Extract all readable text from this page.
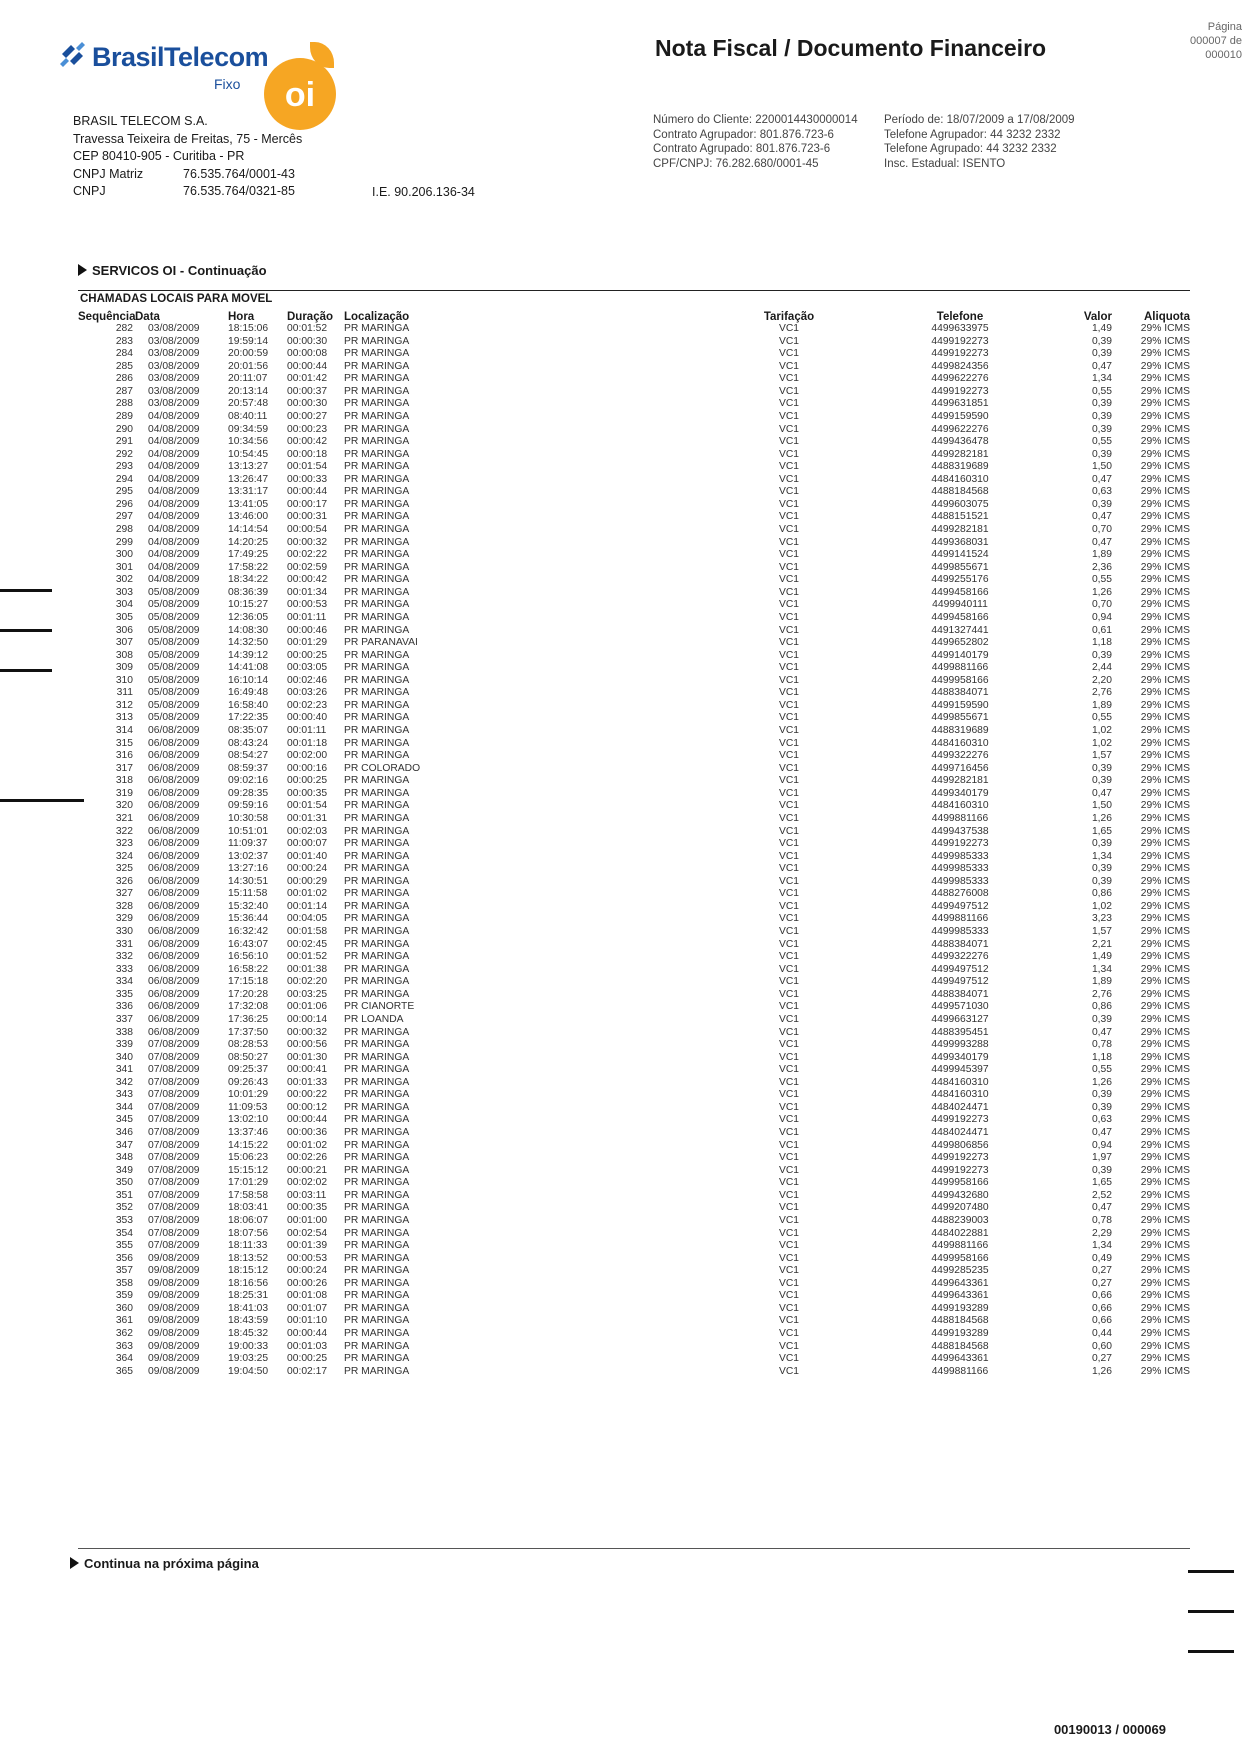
BrasilTelecom
Fixo	oi
Nota Fiscal / Documento Financeiro
Página 000007 de 000010
BRASIL TELECOM S.A.
Travessa Teixeira de Freitas, 75 - Mercês
CEP 80410-905 - Curitiba - PR
CNPJ Matriz	76.535.764/0001-43
CNPJ	76.535.764/0321-85	I.E. 90.206.136-34
Número do Cliente: 2200014430000014
Contrato Agrupador: 801.876.723-6
Contrato Agrupado: 801.876.723-6
CPF/CNPJ: 76.282.680/0001-45
Período de: 18/07/2009 a 17/08/2009
Telefone Agrupador: 44 3232 2332
Telefone Agrupado: 44 3232 2332
Insc. Estadual: ISENTO
SERVICOS OI - Continuação
CHAMADAS LOCAIS PARA MOVEL
Sequência Data	Hora	Duração Localização	Tarifação	Telefone	Valor	Aliquota
282 03/08/2009	18:15:06 00:01:52 PR MARINGA	VC1	4499633975	1,49	29% ICMS
283 03/08/2009	19:59:14 00:00:30 PR MARINGA	VC1	4499192273	0,39	29% ICMS
284 03/08/2009	20:00:59 00:00:08 PR MARINGA	VC1	4499192273	0,39	29% ICMS
285 03/08/2009	20:01:56 00:00:44 PR MARINGA	VC1	4499824356	0,47	29% ICMS
286 03/08/2009	20:11:07 00:01:42 PR MARINGA	VC1	4499622276	1,34	29% ICMS
287 03/08/2009	20:13:14 00:00:37 PR MARINGA	VC1	4499192273	0,55	29% ICMS
288 03/08/2009	20:57:48 00:00:30 PR MARINGA	VC1	4499631851	0,39	29% ICMS
289 04/08/2009	08:40:11 00:00:27 PR MARINGA	VC1	4499159590	0,39	29% ICMS
290 04/08/2009	09:34:59 00:00:23 PR MARINGA	VC1	4499622276	0,39	29% ICMS
291 04/08/2009	10:34:56 00:00:42 PR MARINGA	VC1	4499436478	0,55	29% ICMS
292 04/08/2009	10:54:45 00:00:18 PR MARINGA	VC1	4499282181	0,39	29% ICMS
293 04/08/2009	13:13:27 00:01:54 PR MARINGA	VC1	4488319689	1,50	29% ICMS
294 04/08/2009	13:26:47 00:00:33 PR MARINGA	VC1	4484160310	0,47	29% ICMS
295 04/08/2009	13:31:17 00:00:44 PR MARINGA	VC1	4488184568	0,63	29% ICMS
296 04/08/2009	13:41:05 00:00:17 PR MARINGA	VC1	4499603075	0,39	29% ICMS
297 04/08/2009	13:46:00 00:00:31 PR MARINGA	VC1	4488151521	0,47	29% ICMS
298 04/08/2009	14:14:54 00:00:54 PR MARINGA	VC1	4499282181	0,70	29% ICMS
299 04/08/2009	14:20:25 00:00:32 PR MARINGA	VC1	4499368031	0,47	29% ICMS
300 04/08/2009	17:49:25 00:02:22 PR MARINGA	VC1	4499141524	1,89	29% ICMS
301 04/08/2009	17:58:22 00:02:59 PR MARINGA	VC1	4499855671	2,36	29% ICMS
302 04/08/2009	18:34:22 00:00:42 PR MARINGA	VC1	4499255176	0,55	29% ICMS
303 05/08/2009	08:36:39 00:01:34 PR MARINGA	VC1	4499458166	1,26	29% ICMS
304 05/08/2009	10:15:27 00:00:53 PR MARINGA	VC1	4499940111	0,70	29% ICMS
305 05/08/2009	12:36:05 00:01:11 PR MARINGA	VC1	4499458166	0,94	29% ICMS
306 05/08/2009	14:08:30 00:00:46 PR MARINGA	VC1	4491327441	0,61	29% ICMS
307 05/08/2009	14:32:50 00:01:29 PR PARANAVAI	VC1	4499652802	1,18	29% ICMS
308 05/08/2009	14:39:12 00:00:25 PR MARINGA	VC1	4499140179	0,39	29% ICMS
309 05/08/2009	14:41:08 00:03:05 PR MARINGA	VC1	4499881166	2,44	29% ICMS
310 05/08/2009	16:10:14 00:02:46 PR MARINGA	VC1	4499958166	2,20	29% ICMS
311 05/08/2009	16:49:48 00:03:26 PR MARINGA	VC1	4488384071	2,76	29% ICMS
312 05/08/2009	16:58:40 00:02:23 PR MARINGA	VC1	4499159590	1,89	29% ICMS
313 05/08/2009	17:22:35 00:00:40 PR MARINGA	VC1	4499855671	0,55	29% ICMS
314 06/08/2009	08:35:07 00:01:11 PR MARINGA	VC1	4488319689	1,02	29% ICMS
315 06/08/2009	08:43:24 00:01:18 PR MARINGA	VC1	4484160310	1,02	29% ICMS
316 06/08/2009	08:54:27 00:02:00 PR MARINGA	VC1	4499322276	1,57	29% ICMS
317 06/08/2009	08:59:37 00:00:16 PR COLORADO	VC1	4499716456	0,39	29% ICMS
318 06/08/2009	09:02:16 00:00:25 PR MARINGA	VC1	4499282181	0,39	29% ICMS
319 06/08/2009	09:28:35 00:00:35 PR MARINGA	VC1	4499340179	0,47	29% ICMS
320 06/08/2009	09:59:16 00:01:54 PR MARINGA	VC1	4484160310	1,50	29% ICMS
321 06/08/2009	10:30:58 00:01:31 PR MARINGA	VC1	4499881166	1,26	29% ICMS
322 06/08/2009	10:51:01 00:02:03 PR MARINGA	VC1	4499437538	1,65	29% ICMS
323 06/08/2009	11:09:37 00:00:07 PR MARINGA	VC1	4499192273	0,39	29% ICMS
324 06/08/2009	13:02:37 00:01:40 PR MARINGA	VC1	4499985333	1,34	29% ICMS
325 06/08/2009	13:27:16 00:00:24 PR MARINGA	VC1	4499985333	0,39	29% ICMS
326 06/08/2009	14:30:51 00:00:29 PR MARINGA	VC1	4499985333	0,39	29% ICMS
327 06/08/2009	15:11:58 00:01:02 PR MARINGA	VC1	4488276008	0,86	29% ICMS
328 06/08/2009	15:32:40 00:01:14 PR MARINGA	VC1	4499497512	1,02	29% ICMS
329 06/08/2009	15:36:44 00:04:05 PR MARINGA	VC1	4499881166	3,23	29% ICMS
330 06/08/2009	16:32:42 00:01:58 PR MARINGA	VC1	4499985333	1,57	29% ICMS
331 06/08/2009	16:43:07 00:02:45 PR MARINGA	VC1	4488384071	2,21	29% ICMS
332 06/08/2009	16:56:10 00:01:52 PR MARINGA	VC1	4499322276	1,49	29% ICMS
333 06/08/2009	16:58:22 00:01:38 PR MARINGA	VC1	4499497512	1,34	29% ICMS
334 06/08/2009	17:15:18 00:02:20 PR MARINGA	VC1	4499497512	1,89	29% ICMS
335 06/08/2009	17:20:28 00:03:25 PR MARINGA	VC1	4488384071	2,76	29% ICMS
336 06/08/2009	17:32:08 00:01:06 PR CIANORTE	VC1	4499571030	0,86	29% ICMS
337 06/08/2009	17:36:25 00:00:14 PR LOANDA	VC1	4499663127	0,39	29% ICMS
338 06/08/2009	17:37:50 00:00:32 PR MARINGA	VC1	4488395451	0,47	29% ICMS
339 07/08/2009	08:28:53 00:00:56 PR MARINGA	VC1	4499993288	0,78	29% ICMS
340 07/08/2009	08:50:27 00:01:30 PR MARINGA	VC1	4499340179	1,18	29% ICMS
341 07/08/2009	09:25:37 00:00:41 PR MARINGA	VC1	4499945397	0,55	29% ICMS
342 07/08/2009	09:26:43 00:01:33 PR MARINGA	VC1	4484160310	1,26	29% ICMS
343 07/08/2009	10:01:29 00:00:22 PR MARINGA	VC1	4484160310	0,39	29% ICMS
344 07/08/2009	11:09:53 00:00:12 PR MARINGA	VC1	4484024471	0,39	29% ICMS
345 07/08/2009	13:02:10 00:00:44 PR MARINGA	VC1	4499192273	0,63	29% ICMS
346 07/08/2009	13:37:46 00:00:36 PR MARINGA	VC1	4484024471	0,47	29% ICMS
347 07/08/2009	14:15:22 00:01:02 PR MARINGA	VC1	4499806856	0,94	29% ICMS
348 07/08/2009	15:06:23 00:02:26 PR MARINGA	VC1	4499192273	1,97	29% ICMS
349 07/08/2009	15:15:12 00:00:21 PR MARINGA	VC1	4499192273	0,39	29% ICMS
350 07/08/2009	17:01:29 00:02:02 PR MARINGA	VC1	4499958166	1,65	29% ICMS
351 07/08/2009	17:58:58 00:03:11 PR MARINGA	VC1	4499432680	2,52	29% ICMS
352 07/08/2009	18:03:41 00:00:35 PR MARINGA	VC1	4499207480	0,47	29% ICMS
353 07/08/2009	18:06:07 00:01:00 PR MARINGA	VC1	4488239003	0,78	29% ICMS
354 07/08/2009	18:07:56 00:02:54 PR MARINGA	VC1	4484022881	2,29	29% ICMS
355 07/08/2009	18:11:33 00:01:39 PR MARINGA	VC1	4499881166	1,34	29% ICMS
356 09/08/2009	18:13:52 00:00:53 PR MARINGA	VC1	4499958166	0,49	29% ICMS
357 09/08/2009	18:15:12 00:00:24 PR MARINGA	VC1	4499285235	0,27	29% ICMS
358 09/08/2009	18:16:56 00:00:26 PR MARINGA	VC1	4499643361	0,27	29% ICMS
359 09/08/2009	18:25:31 00:01:08 PR MARINGA	VC1	4499643361	0,66	29% ICMS
360 09/08/2009	18:41:03 00:01:07 PR MARINGA	VC1	4499193289	0,66	29% ICMS
361 09/08/2009	18:43:59 00:01:10 PR MARINGA	VC1	4488184568	0,66	29% ICMS
362 09/08/2009	18:45:32 00:00:44 PR MARINGA	VC1	4499193289	0,44	29% ICMS
363 09/08/2009	19:00:33 00:01:03 PR MARINGA	VC1	4488184568	0,60	29% ICMS
364 09/08/2009	19:03:25 00:00:25 PR MARINGA	VC1	4499643361	0,27	29% ICMS
365 09/08/2009	19:04:50 00:02:17 PR MARINGA	VC1	4499881166	1,26	29% ICMS
Continua na próxima página
00190013 / 000069
